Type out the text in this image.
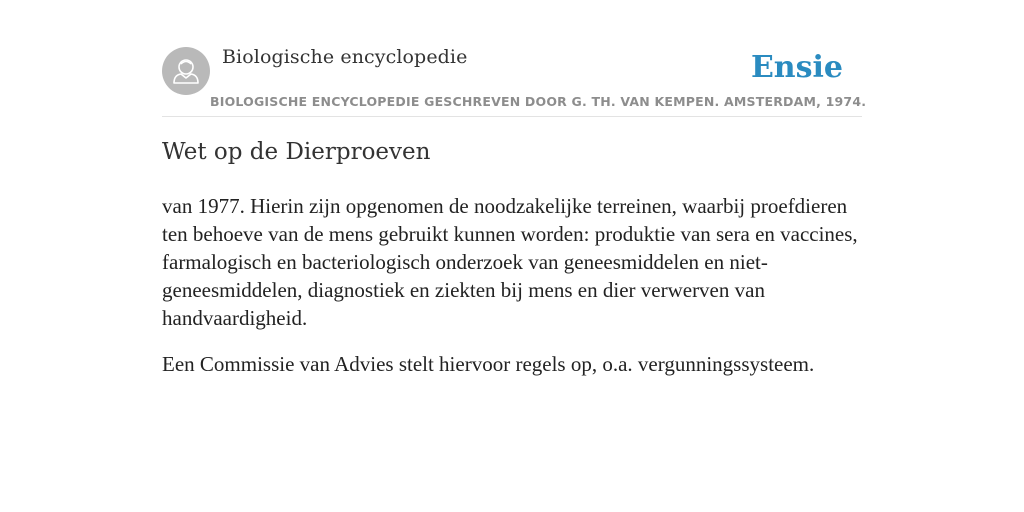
Biologische encyclopedie	Ensie
BIOLOGISCHE ENCYCLOPEDIE GESCHREVEN DOOR G. TH. VAN KEMPEN. AMSTERDAM, 1974.
Wet op de Dierproeven

van 1977. Hierin zijn opgenomen de noodzakelijke terreinen, waarbij proefdieren ten behoeve van de mens gebruikt kunnen worden: produktie van sera en vaccines, farmalogisch en bacteriologisch onderzoek van geneesmiddelen en niet-geneesmiddelen, diagnostiek en ziekten bij mens en dier verwerven van handvaardigheid.

Een Commissie van Advies stelt hiervoor regels op, o.a. vergunningssysteem.
